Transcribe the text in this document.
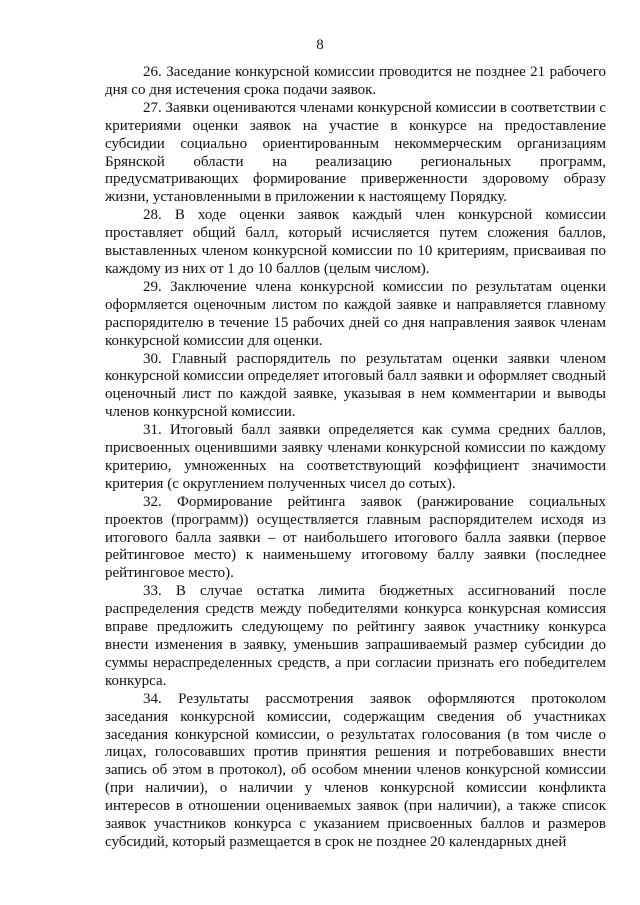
8

26. Заседание конкурсной комиссии проводится не позднее 21 рабочего дня со дня истечения срока подачи заявок.

27. Заявки оцениваются членами конкурсной комиссии в соответствии с критериями оценки заявок на участие в конкурсе на предоставление субсидии социально ориентированным некоммерческим организациям Брянской области на реализацию региональных программ, предусматривающих формирование приверженности здоровому образу жизни, установленными в приложении к настоящему Порядку.

28. В ходе оценки заявок каждый член конкурсной комиссии проставляет общий балл, который исчисляется путем сложения баллов, выставленных членом конкурсной комиссии по 10 критериям, присваивая по каждому из них от 1 до 10 баллов (целым числом).

29. Заключение члена конкурсной комиссии по результатам оценки оформляется оценочным листом по каждой заявке и направляется главному распорядителю в течение 15 рабочих дней со дня направления заявок членам конкурсной комиссии для оценки.

30. Главный распорядитель по результатам оценки заявки членом конкурсной комиссии определяет итоговый балл заявки и оформляет сводный оценочный лист по каждой заявке, указывая в нем комментарии и выводы членов конкурсной комиссии.

31. Итоговый балл заявки определяется как сумма средних баллов, присвоенных оценившими заявку членами конкурсной комиссии по каждому критерию, умноженных на соответствующий коэффициент значимости критерия (с округлением полученных чисел до сотых).

32. Формирование рейтинга заявок (ранжирование социальных проектов (программ)) осуществляется главным распорядителем исходя из итогового балла заявки – от наибольшего итогового балла заявки (первое рейтинговое место) к наименьшему итоговому баллу заявки (последнее рейтинговое место).

33. В случае остатка лимита бюджетных ассигнований после распределения средств между победителями конкурса конкурсная комиссия вправе предложить следующему по рейтингу заявок участнику конкурса внести изменения в заявку, уменьшив запрашиваемый размер субсидии до суммы нераспределенных средств, а при согласии признать его победителем конкурса.

34. Результаты рассмотрения заявок оформляются протоколом заседания конкурсной комиссии, содержащим сведения об участниках заседания конкурсной комиссии, о результатах голосования (в том числе о лицах, голосовавших против принятия решения и потребовавших внести запись об этом в протокол), об особом мнении членов конкурсной комиссии (при наличии), о наличии у членов конкурсной комиссии конфликта интересов в отношении оцениваемых заявок (при наличии), а также список заявок участников конкурса с указанием присвоенных баллов и размеров субсидий, который размещается в срок не позднее 20 календарных дней
